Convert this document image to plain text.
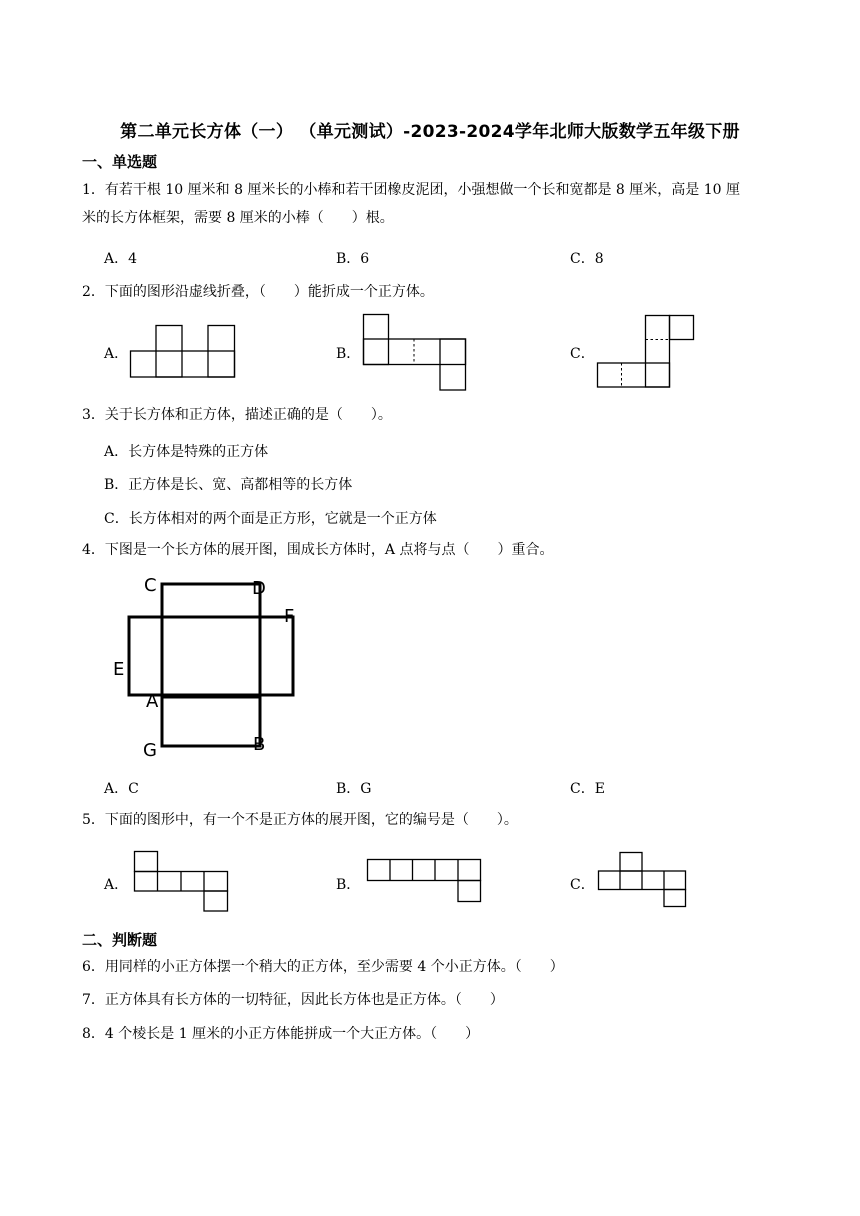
第二单元长方体（一） （单元测试）-2023-2024学年北师大版数学五年级下册
一、单选题
1．有若干根 10 厘米和 8 厘米长的小棒和若干团橡皮泥团，小强想做一个长和宽都是 8 厘米，高是 10 厘
米的长方体框架，需要 8 厘米的小棒（　　）根。
A．4	B．6	C．8
2．下面的图形沿虚线折叠，（　　）能折成一个正方体。
A．	B．	C．
3．关于长方体和正方体，描述正确的是（　　）。
A．长方体是特殊的正方体
B．正方体是长、宽、高都相等的长方体
C．长方体相对的两个面是正方形，它就是一个正方体
4．下图是一个长方体的展开图，围成长方体时，A 点将与点（　　）重合。
C	D
F
E
A
G	B
A．C	B．G	C．E
5．下面的图形中，有一个不是正方体的展开图，它的编号是（　　）。
A．	B．	C．
二、判断题
6．用同样的小正方体摆一个稍大的正方体，至少需要 4 个小正方体。（　　）
7．正方体具有长方体的一切特征，因此长方体也是正方体。（　　）
8．4 个棱长是 1 厘米的小正方体能拼成一个大正方体。（　　）
